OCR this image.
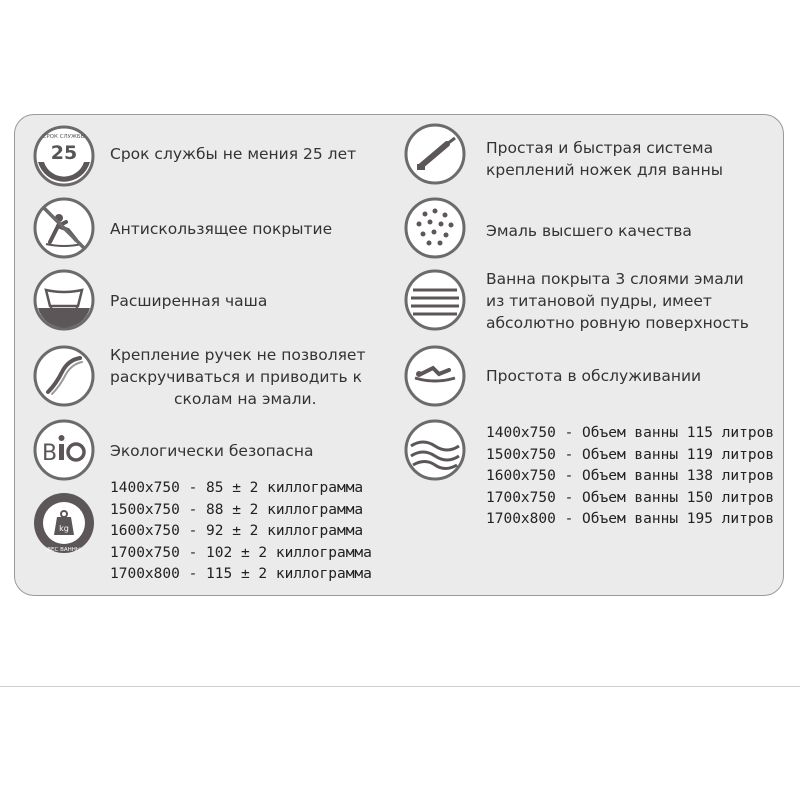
СРОК СЛУЖБЫ
25
ЛЕТ
Срок службы не мения 25 лет
Антискользящее покрытие
Расширенная чаша
Крепление ручек не позволяет
раскручиваться и приводить к
сколам на эмали.
B	Экологически безопасна
kg
ВЕС ВАННЫ
1400x750 - 85 ± 2 киллограмма
1500x750 - 88 ± 2 киллограмма
1600x750 - 92 ± 2 киллограмма
1700x750 - 102 ± 2 киллограмма
1700x800 - 115 ± 2 киллограмма
Простая и быстрая система
креплений ножек для ванны
Эмаль высшего качества
Ванна покрыта 3 слоями эмали
из титановой пудры, имеет
абсолютно ровную поверхность
Простота в обслуживании
1400x750 - Объем ванны 115 литров
1500x750 - Объем ванны 119 литров
1600x750 - Объем ванны 138 литров
1700x750 - Объем ванны 150 литров
1700x800 - Объем ванны 195 литров
